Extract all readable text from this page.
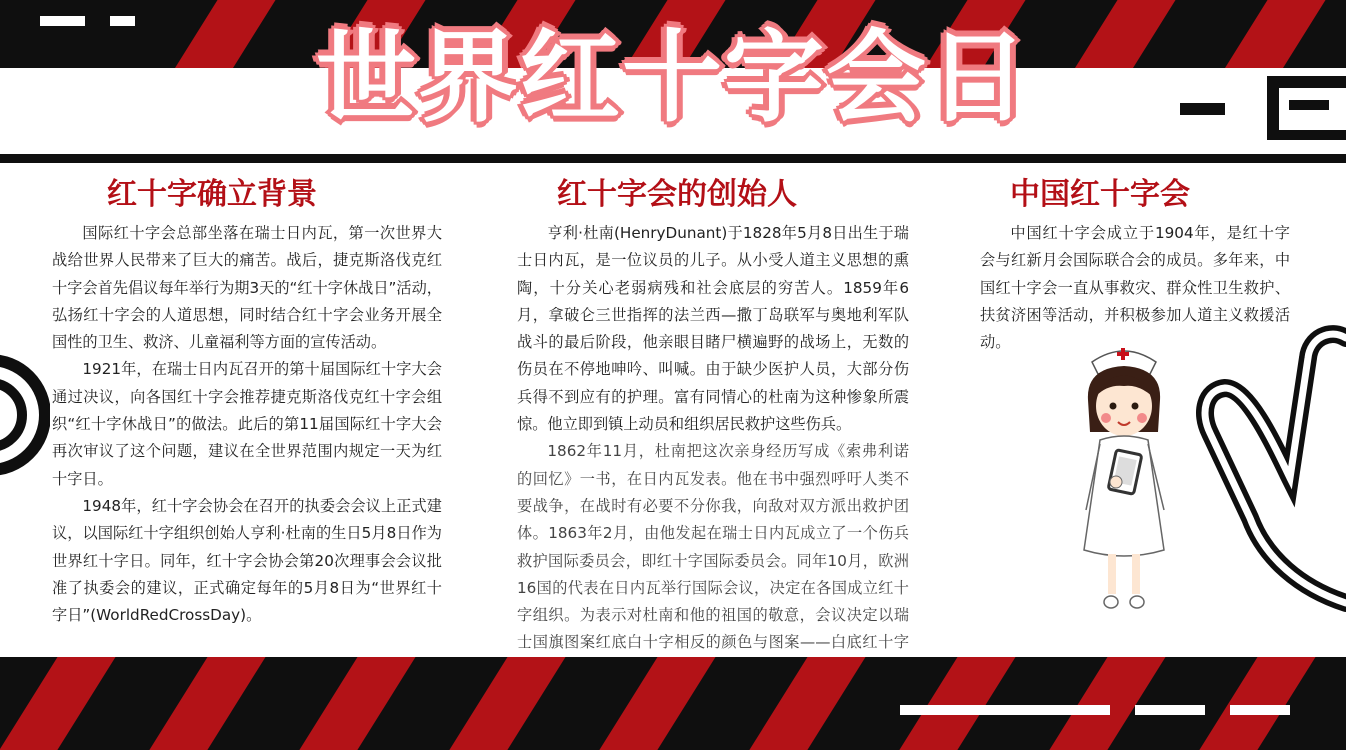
世界红十字会日
红十字确立背景	红十字会的创始人	中国红十字会

国际红十字会总部坐落在瑞士日内瓦，第一次世界大战给世界人民带来了巨大的痛苦。战后，捷克斯洛伐克红十字会首先倡议每年举行为期3天的“红十字休战日”活动，弘扬红十字会的人道思想，同时结合红十字会业务开展全国性的卫生、救济、儿童福利等方面的宣传活动。

1921年，在瑞士日内瓦召开的第十届国际红十字大会通过决议，向各国红十字会推荐捷克斯洛伐克红十字会组织“红十字休战日”的做法。此后的第11届国际红十字大会再次审议了这个问题，建议在全世界范围内规定一天为红十字日。

1948年，红十字会协会在召开的执委会会议上正式建议，以国际红十字组织创始人亨利·杜南的生日5月8日作为世界红十字日。同年，红十字会协会第20次理事会会议批准了执委会的建议，正式确定每年的5月8日为“世界红十字日”(WorldRedCrossDay)。

亨利·杜南(HenryDunant)于1828年5月8日出生于瑞士日内瓦，是一位议员的儿子。从小受人道主义思想的熏陶，十分关心老弱病残和社会底层的穷苦人。1859年6月，拿破仑三世指挥的法兰西—撒丁岛联军与奥地利军队战斗的最后阶段，他亲眼目睹尸横遍野的战场上，无数的伤员在不停地呻吟、叫喊。由于缺少医护人员，大部分伤兵得不到应有的护理。富有同情心的杜南为这种惨象所震惊。他立即到镇上动员和组织居民救护这些伤兵。

1862年11月，杜南把这次亲身经历写成《索弗利诺的回忆》一书，在日内瓦发表。他在书中强烈呼吁人类不要战争，在战时有必要不分你我，向敌对双方派出救护团体。1863年2月，由他发起在瑞士日内瓦成立了一个伤兵救护国际委员会，即红十字国际委员会。同年10月，欧洲16国的代表在日内瓦举行国际会议，决定在各国成立红十字组织。为表示对杜南和他的祖国的敬意，会议决定以瑞士国旗图案红底白十字相反的颜色与图案——白底红十字

中国红十字会成立于1904年，是红十字会与红新月会国际联合会的成员。多年来，中国红十字会一直从事救灾、群众性卫生救护、扶贫济困等活动，并积极参加人道主义救援活动。
